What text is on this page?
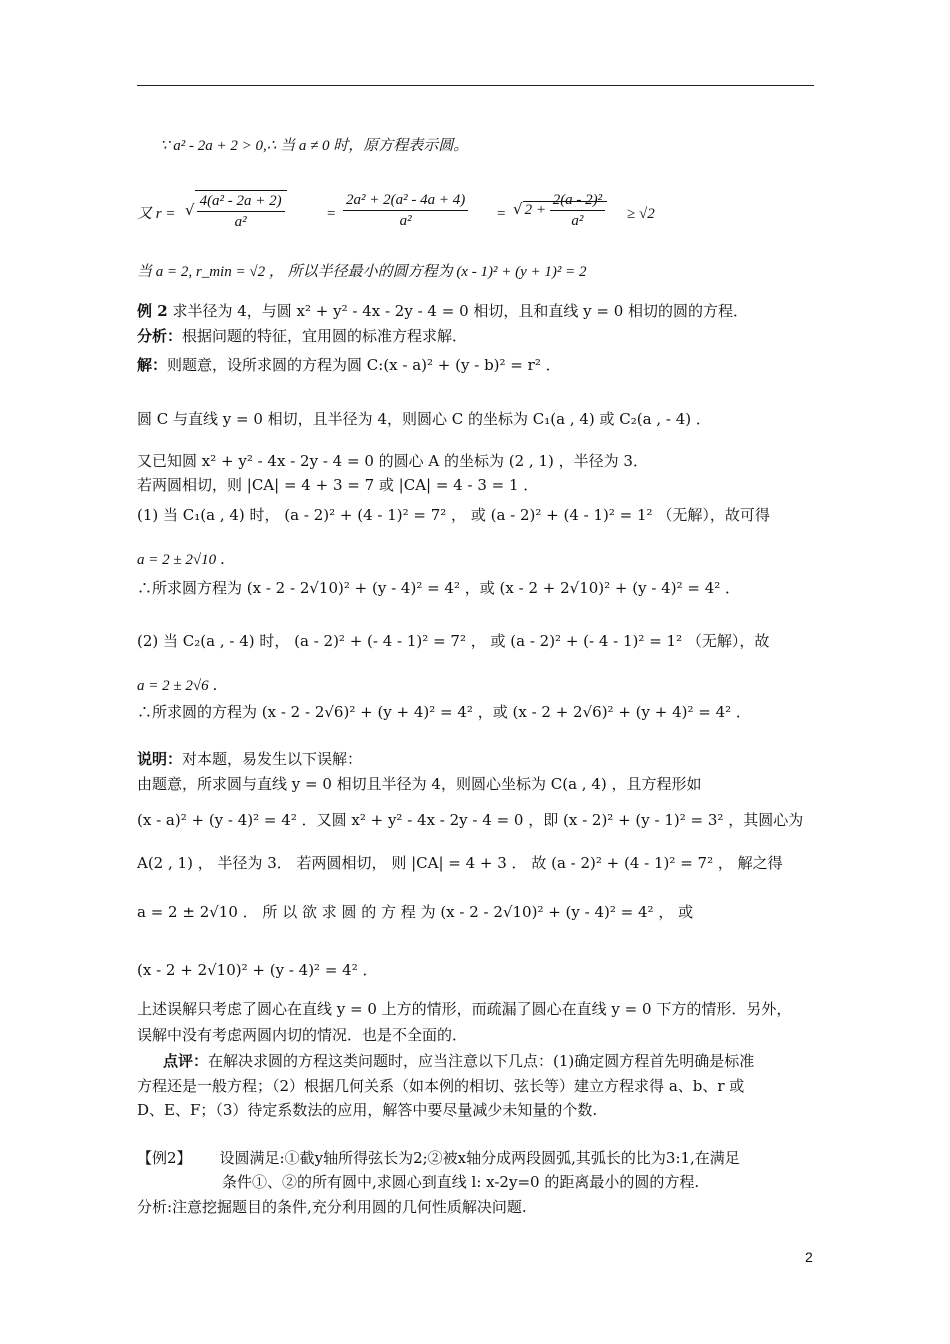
∵ a² - 2a + 2 > 0,∴ 当 a ≠ 0 时，原方程表示圆。
又 r = √ $\frac{\text{4(a² - 2a + 2)}}{\text{a²}}$	= $\frac{\text{2a² + 2(a² - 4a + 4)}}{\text{a²}}$ = √ $2 + \frac{\text{2(a - 2)²}}{\text{a²}} \ge √2$
当 a = 2, r_min = √2 ， 所以半径最小的圆方程为 (x - 1)² + (y + 1)² = 2
例 2 求半径为 4，与圆 x² + y² - 4x - 2y - 4 = 0 相切，且和直线 y = 0 相切的圆的方程．
分析：根据问题的特征，宜用圆的标准方程求解．
解：则题意，设所求圆的方程为圆 C:(x - a)² + (y - b)² = r² ．
圆 C 与直线 y = 0 相切，且半径为 4，则圆心 C 的坐标为 C₁(a , 4) 或 C₂(a , - 4) ．
又已知圆 x² + y² - 4x - 2y - 4 = 0 的圆心 A 的坐标为 (2 , 1) ，半径为 3．
若两圆相切，则 |CA| = 4 + 3 = 7 或 |CA| = 4 - 3 = 1 ．
(1) 当 C₁(a , 4) 时， (a - 2)² + (4 - 1)² = 7² ， 或 (a - 2)² + (4 - 1)² = 1² （无解），故可得
a = 2 ± 2√10 ．
∴所求圆方程为 (x - 2 - 2√10)² + (y - 4)² = 4² ，或 (x - 2 + 2√10)² + (y - 4)² = 4² ．
(2) 当 C₂(a , - 4) 时， (a - 2)² + (- 4 - 1)² = 7² ， 或 (a - 2)² + (- 4 - 1)² = 1² （无解），故
a = 2 ± 2√6 ．
∴所求圆的方程为 (x - 2 - 2√6)² + (y + 4)² = 4² ，或 (x - 2 + 2√6)² + (y + 4)² = 4² ．
说明：对本题，易发生以下误解：
由题意，所求圆与直线 y = 0 相切且半径为 4，则圆心坐标为 C(a , 4) ，且方程形如
(x - a)² + (y - 4)² = 4² ．又圆 x² + y² - 4x - 2y - 4 = 0 ，即 (x - 2)² + (y - 1)² = 3² ，其圆心为
A(2 , 1) ， 半径为 3． 若两圆相切， 则 |CA| = 4 + 3 ． 故 (a - 2)² + (4 - 1)² = 7² ， 解之得
a = 2 ± 2√10 ． 所 以 欲 求 圆 的 方 程 为 (x - 2 - 2√10)² + (y - 4)² = 4² ， 或
(x - 2 + 2√10)² + (y - 4)² = 4² ．
上述误解只考虑了圆心在直线 y = 0 上方的情形，而疏漏了圆心在直线 y = 0 下方的情形．另外，
误解中没有考虑两圆内切的情况．也是不全面的．
点评：在解决求圆的方程这类问题时，应当注意以下几点：(1)确定圆方程首先明确是标准
方程还是一般方程；（2）根据几何关系（如本例的相切、弦长等）建立方程求得 a、b、r 或
D、E、F；（3）待定系数法的应用，解答中要尽量减少未知量的个数.
【例2】 设圆满足:①截y轴所得弦长为2;②被x轴分成两段圆弧,其弧长的比为3:1,在满足
条件①、②的所有圆中,求圆心到直线 l: x-2y=0 的距离最小的圆的方程.
分析:注意挖掘题目的条件,充分利用圆的几何性质解决问题.
2
